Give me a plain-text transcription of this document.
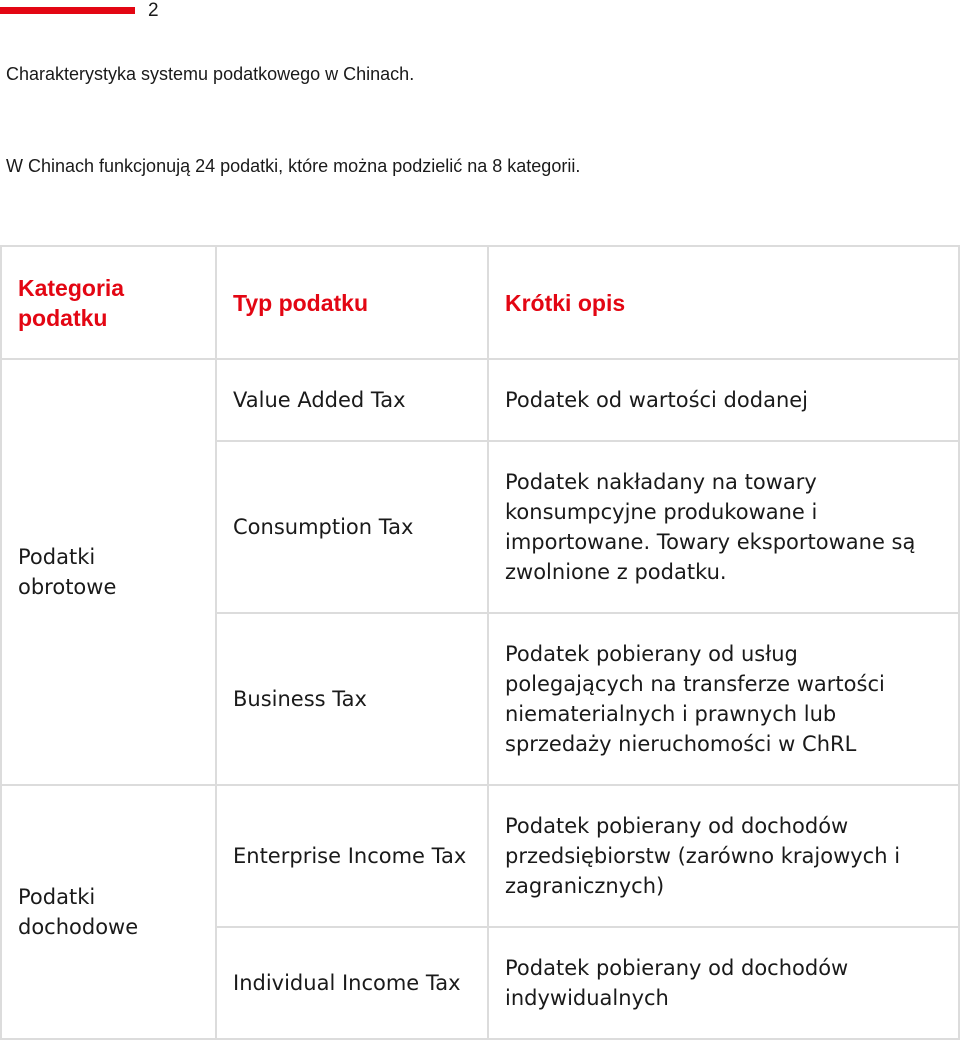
2
Charakterystyka systemu podatkowego w Chinach.
W Chinach funkcjonują 24 podatki, które można podzielić na 8 kategorii.
Kategoria podatku	Typ podatku	Krótki opis
Podatki obrotowe	Value Added Tax	Podatek od wartości dodanej
	Consumption Tax	Podatek nakładany na towary konsumpcyjne produkowane i importowane. Towary eksportowane są zwolnione z podatku.
	Business Tax	Podatek pobierany od usług polegających na transferze wartości niematerialnych i prawnych lub sprzedaży nieruchomości w ChRL
Podatki dochodowe	Enterprise Income Tax	Podatek pobierany od dochodów przedsiębiorstw (zarówno krajowych i zagranicznych)
	Individual Income Tax	Podatek pobierany od dochodów indywidualnych
